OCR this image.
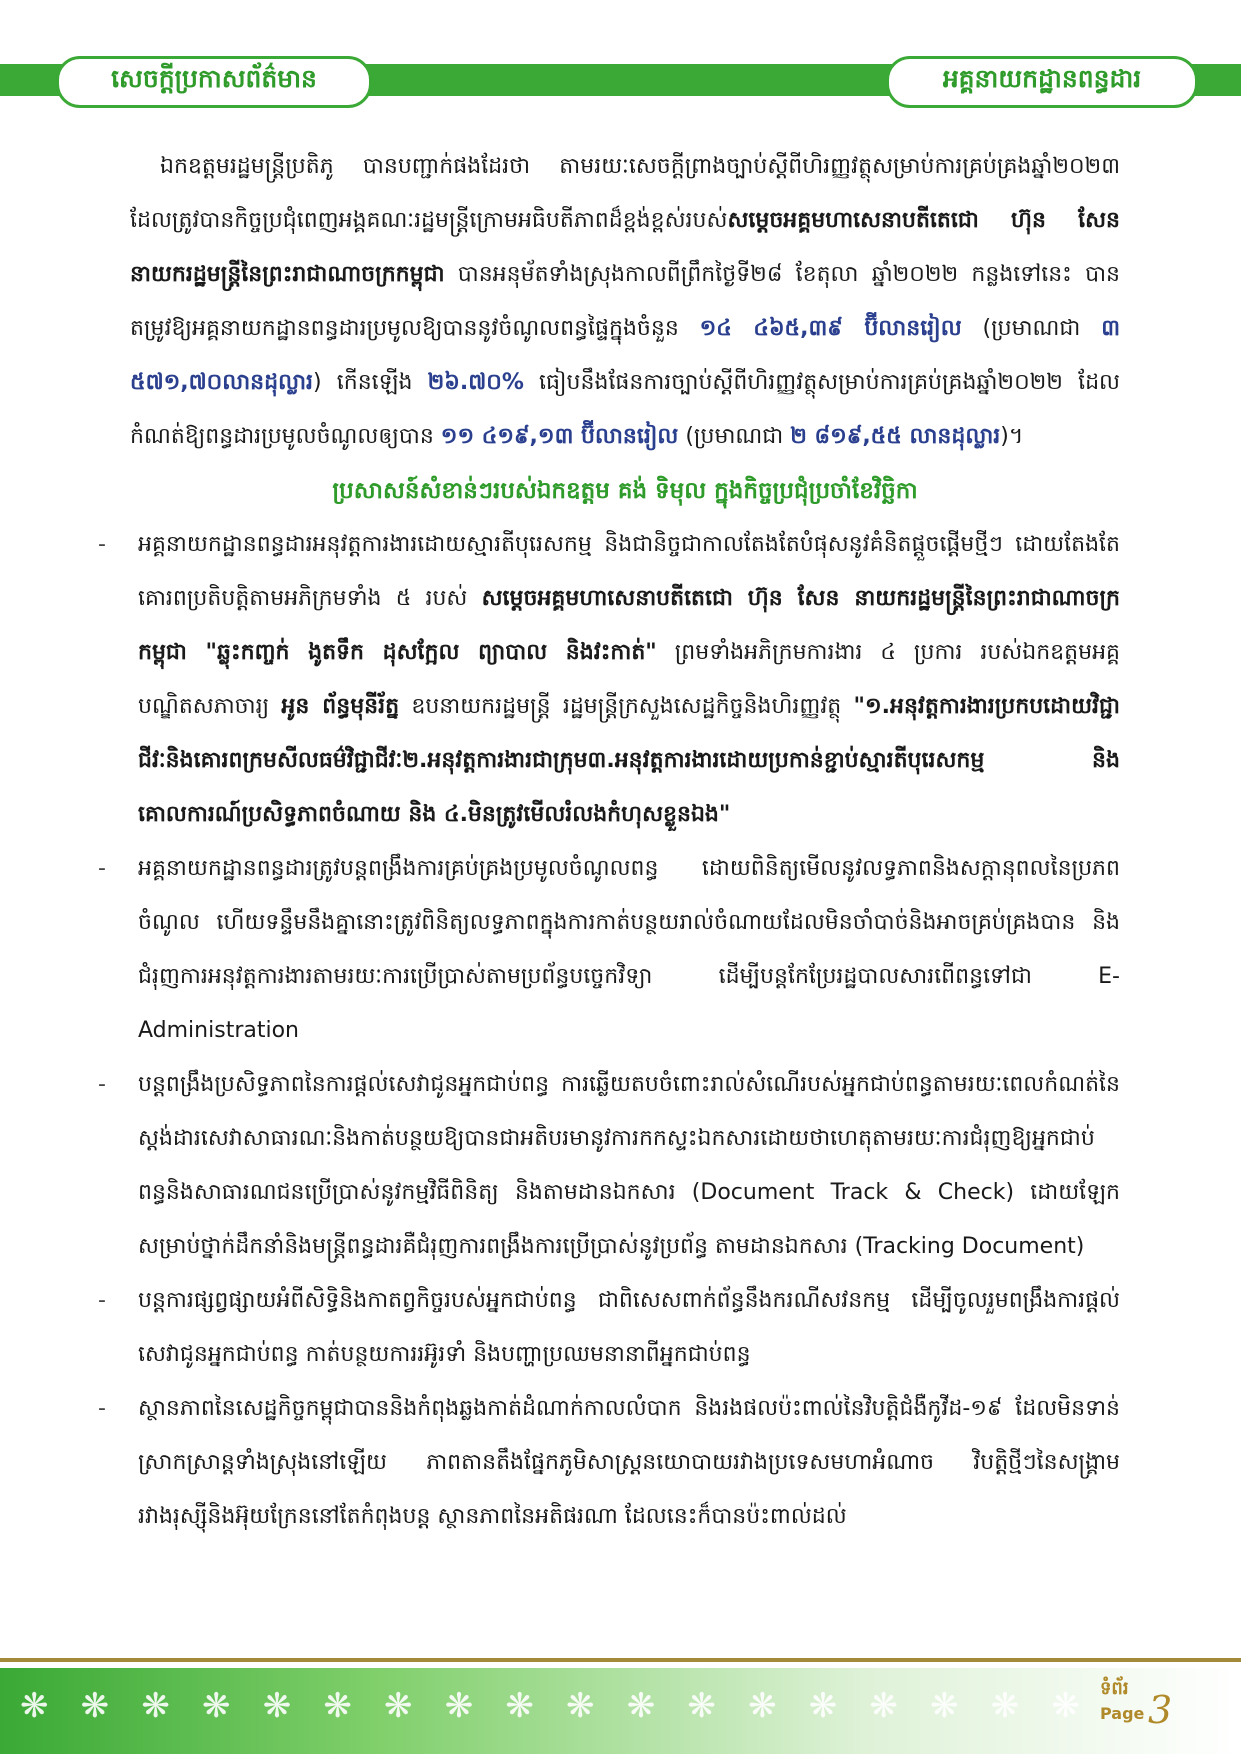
សេចក្តីប្រកាសព័ត៌មាន	អគ្គនាយកដ្ឋានពន្ធដារ

ឯកឧត្តមរដ្ឋមន្ត្រីប្រតិភូ បានបញ្ជាក់ផងដែរថា តាមរយៈសេចក្តីព្រាងច្បាប់ស្តីពីហិរញ្ញវត្ថុសម្រាប់ការគ្រប់គ្រងឆ្នាំ២០២៣ ដែលត្រូវបានកិច្ចប្រជុំពេញអង្គគណៈរដ្ឋមន្ត្រីក្រោមអធិបតីភាពដ៏ខ្ពង់ខ្ពស់របស់សម្តេចអគ្គមហាសេនាបតីតេជោ ហ៊ុន សែន នាយករដ្ឋមន្ត្រីនៃព្រះរាជាណាចក្រកម្ពុជា បានអនុម័តទាំងស្រុងកាលពីព្រឹកថ្ងៃទី២៨ ខែតុលា ឆ្នាំ២០២២ កន្លងទៅនេះ បានតម្រូវឱ្យអគ្គនាយកដ្ឋានពន្ធដារប្រមូលឱ្យបាននូវចំណូលពន្ធផ្ទៃក្នុងចំនួន ១៤ ៤៦៥,៣៩ ប៊ីលានរៀល (ប្រមាណជា ៣ ៥៧១,៧០លានដុល្លារ) កើនឡើង ២៦.៧០% ធៀបនឹងផែនការច្បាប់ស្តីពីហិរញ្ញវត្ថុសម្រាប់ការគ្រប់គ្រងឆ្នាំ២០២២ ដែលកំណត់ឱ្យពន្ធដារប្រមូលចំណូលឲ្យបាន ១១ ៤១៩,១៣ ប៊ីលានរៀល (ប្រមាណជា ២ ៨១៩,៥៥ លានដុល្លារ)។

ប្រសាសន៍សំខាន់ៗរបស់ឯកឧត្តម គង់ ទិមុល ក្នុងកិច្ចប្រជុំប្រចាំខែវិច្ឆិកា

- អគ្គនាយកដ្ឋានពន្ធដារអនុវត្តការងារដោយស្មារតីបុរេសកម្ម និងជានិច្ចជាកាលតែងតែបំផុសនូវគំនិតផ្តួចផ្តើមថ្មីៗ ដោយតែងតែគោរពប្រតិបត្តិតាមអភិក្រមទាំង ៥ របស់ សម្តេចអគ្គមហាសេនាបតីតេជោ ហ៊ុន សែន នាយករដ្ឋមន្ត្រីនៃព្រះរាជាណាចក្រកម្ពុជា "ឆ្លុះកញ្ចក់ ងូតទឹក ដុសក្អែល ព្យាបាល និងវះកាត់" ព្រមទាំងអភិក្រមការងារ ៤ ប្រការ របស់ឯកឧត្តមអគ្គបណ្ឌិតសភាចារ្យ អូន ព័ន្ធមុនីរ័ត្ន ឧបនាយករដ្ឋមន្ត្រី រដ្ឋមន្ត្រីក្រសួងសេដ្ឋកិច្ចនិងហិរញ្ញវត្ថុ "១.អនុវត្តការងារប្រកបដោយវិជ្ជាជីវៈនិងគោរពក្រមសីលធម៌វិជ្ជាជីវៈ២.អនុវត្តការងារជាក្រុម៣.អនុវត្តការងារដោយប្រកាន់ខ្ជាប់ស្មារតីបុរេសកម្ម និងគោលការណ៍ប្រសិទ្ធភាពចំណាយ និង ៤.មិនត្រូវមើលរំលងកំហុសខ្លួនឯង"
- អគ្គនាយកដ្ឋានពន្ធដារត្រូវបន្តពង្រឹងការគ្រប់គ្រងប្រមូលចំណូលពន្ធ ដោយពិនិត្យមើលនូវលទ្ធភាពនិងសក្តានុពលនៃប្រភពចំណូល ហើយទន្ទឹមនឹងគ្នានោះត្រូវពិនិត្យលទ្ធភាពក្នុងការកាត់បន្ថយរាល់ចំណាយដែលមិនចាំបាច់និងអាចគ្រប់គ្រងបាន និងជំរុញការអនុវត្តការងារតាមរយៈការប្រើប្រាស់តាមប្រព័ន្ធបច្ចេកវិទ្យា ដើម្បីបន្តកែប្រែរដ្ឋបាលសារពើពន្ធទៅជា E-Administration
- បន្តពង្រឹងប្រសិទ្ធភាពនៃការផ្តល់សេវាជូនអ្នកជាប់ពន្ធ ការឆ្លើយតបចំពោះរាល់សំណើរបស់អ្នកជាប់ពន្ធតាមរយៈពេលកំណត់នៃស្តង់ដារសេវាសាធារណៈនិងកាត់បន្ថយឱ្យបានជាអតិបរមានូវការកកស្ទះឯកសារដោយថាហេតុតាមរយៈការជំរុញឱ្យអ្នកជាប់ពន្ធនិងសាធារណជនប្រើប្រាស់នូវកម្មវិធីពិនិត្យ និងតាមដានឯកសារ (Document Track & Check) ដោយឡែកសម្រាប់ថ្នាក់ដឹកនាំនិងមន្ត្រីពន្ធដារគឺជំរុញការពង្រឹងការប្រើប្រាស់នូវប្រព័ន្ធ តាមដានឯកសារ (Tracking Document)
- បន្តការផ្សព្វផ្សាយអំពីសិទ្ធិនិងកាតព្វកិច្ចរបស់អ្នកជាប់ពន្ធ ជាពិសេសពាក់ព័ន្ធនឹងករណីសវនកម្ម ដើម្បីចូលរួមពង្រឹងការផ្តល់សេវាជូនអ្នកជាប់ពន្ធ កាត់បន្ថយការរអ៊ូរទាំ និងបញ្ហាប្រឈមនានាពីអ្នកជាប់ពន្ធ
- ស្ថានភាពនៃសេដ្ឋកិច្ចកម្ពុជាបាននិងកំពុងឆ្លងកាត់ដំណាក់កាលលំបាក និងរងផលប៉ះពាល់នៃវិបត្តិជំងឺកូវីដ-១៩ ដែលមិនទាន់ស្រាកស្រាន្តទាំងស្រុងនៅឡើយ ភាពតានតឹងផ្នែកភូមិសាស្ត្រនយោបាយរវាងប្រទេសមហាអំណាច វិបត្តិថ្មីៗនៃសង្គ្រាមរវាងរុស្ស៊ីនិងអ៊ុយក្រែននៅតែកំពុងបន្ត ស្ថានភាពនៃអតិផរណា ដែលនេះក៏បានប៉ះពាល់ដល់
❋ ❋ ❋ ❋ ❋ ❋ ❋ ❋ ❋ ❋ ❋ ❋ ❋ ❋ ❋ ❋ ❋ ❋ ទំព័រ
Page 3
